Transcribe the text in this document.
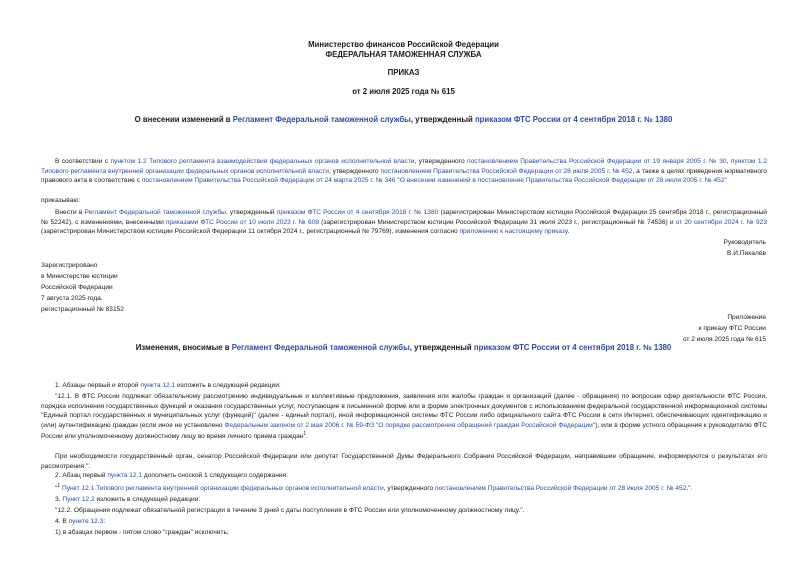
Министерство финансов Российской Федерации
ФЕДЕРАЛЬНАЯ ТАМОЖЕННАЯ СЛУЖБА
ПРИКАЗ
от 2 июля 2025 года № 615
О внесении изменений в Регламент Федеральной таможенной службы, утвержденный приказом ФТС России от 4 сентября 2018 г. № 1380
В соответствии с пунктом 1.2 Типового регламента взаимодействия федеральных органов исполнительной власти, утвержденного постановлением Правительства Российской Федерации от 19 января 2005 г. № 30, пунктом 1.2 Типового регламента внутренней организации федеральных органов исполнительной власти, утвержденного постановлением Правительства Российской Федерации от 28 июля 2005 г. № 452, а также в целях приведения нормативного правового акта в соответствие с постановлением Правительства Российской Федерации от 24 марта 2025 г. № 346 "О внесении изменений в постановление Правительства Российской Федерации от 28 июля 2005 г. № 452"
приказываю:
Внести в Регламент Федеральной таможенной службы, утвержденный приказом ФТС России от 4 сентября 2018 г. № 1380 (зарегистрирован Министерством юстиции Российской Федерации 25 сентября 2018 г., регистрационный № 52242), с изменениями, внесенными приказами ФТС России от 10 июля 2023 г. № 608 (зарегистрирован Министерством юстиции Российской Федерации 31 июля 2023 г., регистрационный № 74536) и от 20 сентября 2024 г. № 923 (зарегистрирован Министерством юстиции Российской Федерации 11 октября 2024 г., регистрационный № 79769), изменения согласно приложению к настоящему приказу.
Руководитель
В.И.Пикалёв
Зарегистрировано
в Министерстве юстиции
Российской Федерации
7 августа 2025 года,
регистрационный № 83152
Приложение
к приказу ФТС России
от 2 июля 2025 года № 615
Изменения, вносимые в Регламент Федеральной таможенной службы, утвержденный приказом ФТС России от 4 сентября 2018 г. № 1380
1. Абзацы первый и второй пункта 12.1 изложить в следующей редакции:
"12.1. В ФТС России подлежат обязательному рассмотрению индивидуальные и коллективные предложения, заявления или жалобы граждан и организаций (далее - обращения) по вопросам сфер деятельности ФТС России, порядка исполнения государственных функций и оказания государственных услуг, поступающие в письменной форме или в форме электронных документов с использованием федеральной государственной информационной системы "Единый портал государственных и муниципальных услуг (функций)" (далее - единый портал), иной информационной системы ФТС России либо официального сайта ФТС России в сети Интернет, обеспечивающих идентификацию и (или) аутентификацию граждан (если иное не установлено Федеральным законом от 2 мая 2006 г. № 59-ФЗ "О порядке рассмотрения обращений граждан Российской Федерации"), или в форме устного обращения к руководителю ФТС России или уполномоченному должностному лицу во время личного приема граждан$^1$.
При необходимости государственный орган, сенатор Российской Федерации или депутат Государственной Думы Федерального Собрания Российской Федерации, направившие обращение, информируются о результатах его рассмотрения.".
2. Абзац первый пункта 12.1 дополнить сноской 1 следующего содержания:
"$^1$ Пункт 12.1 Типового регламента внутренней организации федеральных органов исполнительной власти, утвержденного постановлением Правительства Российской Федерации от 28 июля 2005 г. № 452.".
3. Пункт 12.2 изложить в следующей редакции:
"12.2. Обращения подлежат обязательной регистрации в течение 3 дней с даты поступления в ФТС России или уполномоченному должностному лицу.".
4. В пункте 12.3:
1) в абзацах первом - пятом слово "граждан" исключить;
